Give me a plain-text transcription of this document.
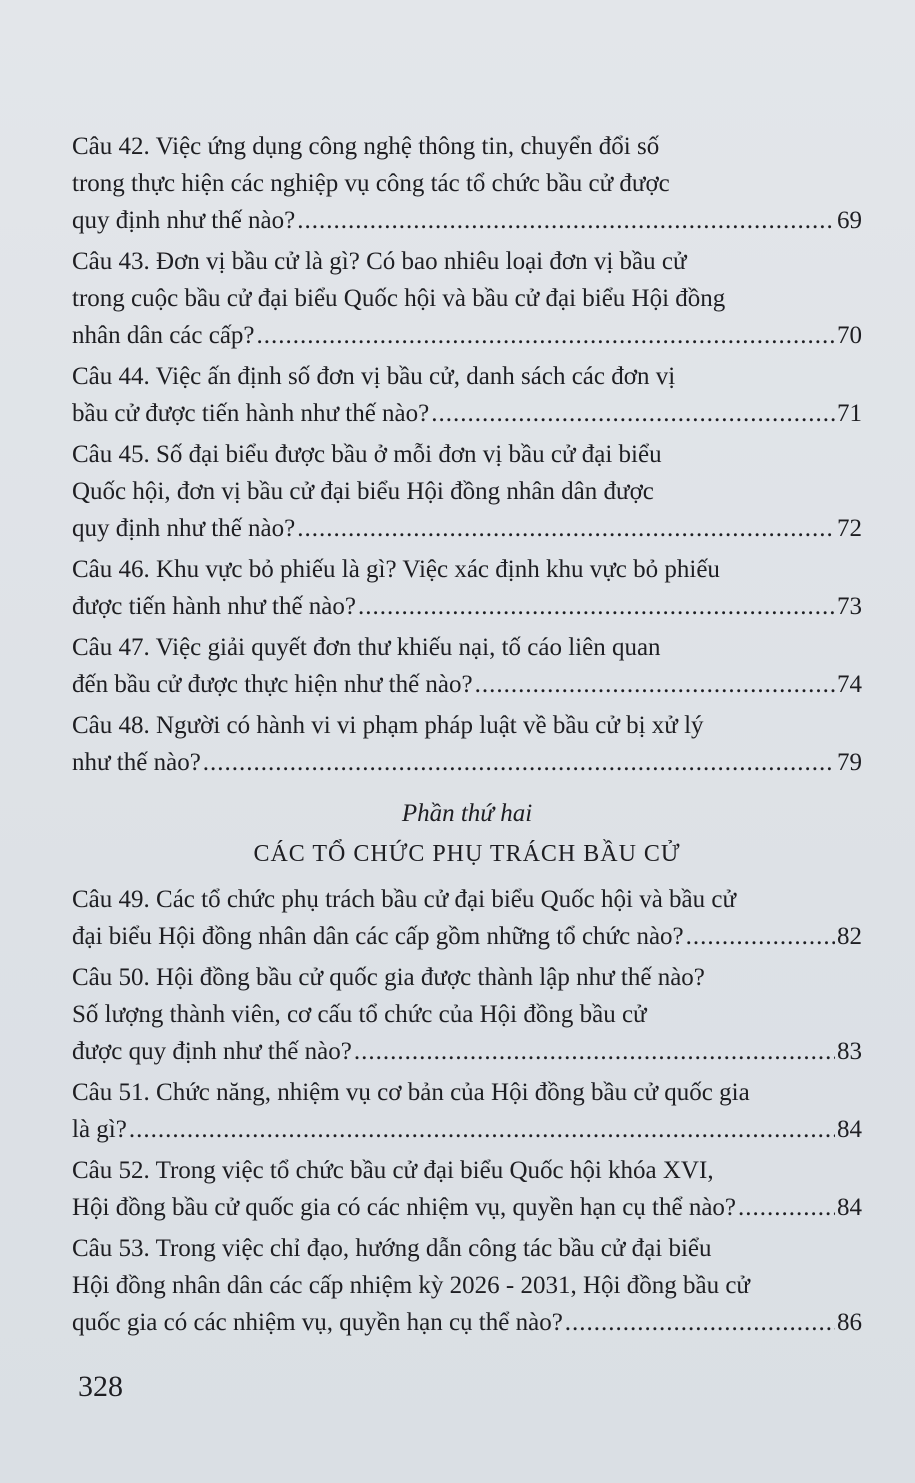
Câu 42. Việc ứng dụng công nghệ thông tin, chuyển đổi số
trong thực hiện các nghiệp vụ công tác tổ chức bầu cử được
quy định như thế nào? .....	69
Câu 43. Đơn vị bầu cử là gì? Có bao nhiêu loại đơn vị bầu cử
trong cuộc bầu cử đại biểu Quốc hội và bầu cử đại biểu Hội đồng
nhân dân các cấp? .....	70
Câu 44. Việc ấn định số đơn vị bầu cử, danh sách các đơn vị
bầu cử được tiến hành như thế nào? .....	71
Câu 45. Số đại biểu được bầu ở mỗi đơn vị bầu cử đại biểu
Quốc hội, đơn vị bầu cử đại biểu Hội đồng nhân dân được
quy định như thế nào? .....	72
Câu 46. Khu vực bỏ phiếu là gì? Việc xác định khu vực bỏ phiếu
được tiến hành như thế nào? .....	73
Câu 47. Việc giải quyết đơn thư khiếu nại, tố cáo liên quan
đến bầu cử được thực hiện như thế nào? .....	74
Câu 48. Người có hành vi vi phạm pháp luật về bầu cử bị xử lý
như thế nào? .....	79
Phần thứ hai
CÁC TỔ CHỨC PHỤ TRÁCH BẦU CỬ
Câu 49. Các tổ chức phụ trách bầu cử đại biểu Quốc hội và bầu cử
đại biểu Hội đồng nhân dân các cấp gồm những tổ chức nào? .....	82
Câu 50. Hội đồng bầu cử quốc gia được thành lập như thế nào?
Số lượng thành viên, cơ cấu tổ chức của Hội đồng bầu cử
được quy định như thế nào? .....	83
Câu 51. Chức năng, nhiệm vụ cơ bản của Hội đồng bầu cử quốc gia
là gì? .....	84
Câu 52. Trong việc tổ chức bầu cử đại biểu Quốc hội khóa XVI,
Hội đồng bầu cử quốc gia có các nhiệm vụ, quyền hạn cụ thể nào? .....	84
Câu 53. Trong việc chỉ đạo, hướng dẫn công tác bầu cử đại biểu
Hội đồng nhân dân các cấp nhiệm kỳ 2026 - 2031, Hội đồng bầu cử
quốc gia có các nhiệm vụ, quyền hạn cụ thể nào? .....	86
328
